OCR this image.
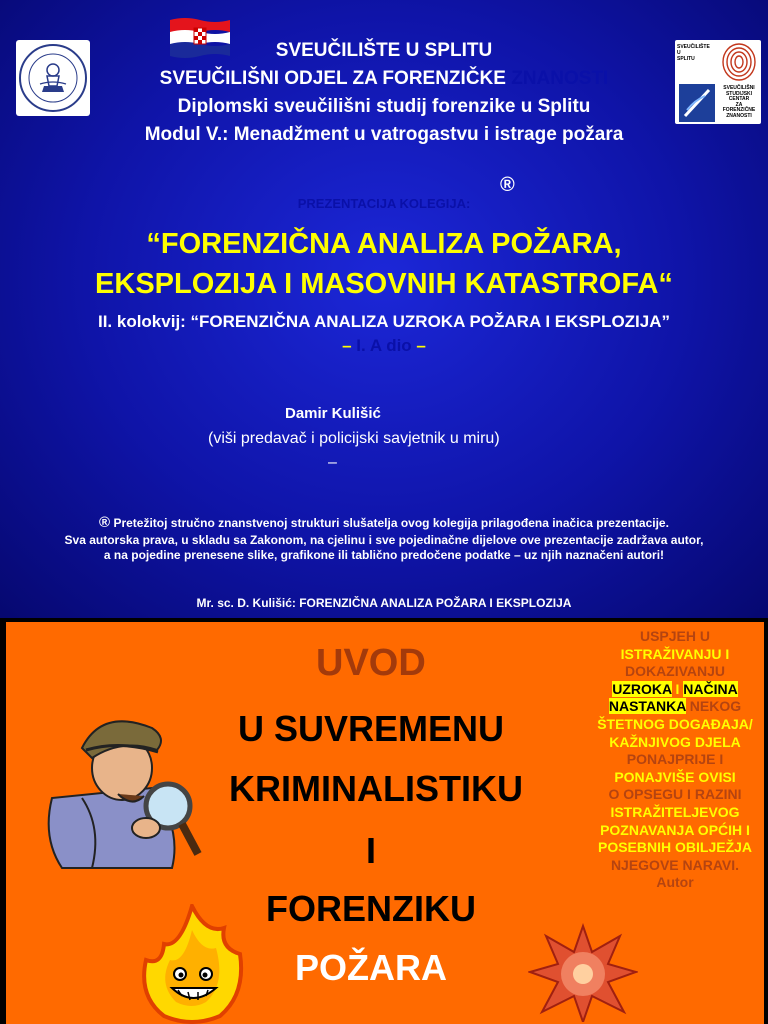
SVEUČILIŠTE
U
SPLITU
SVEUČILIŠNI
STUDIJSKI
CENTAR
ZA
FORENZIČNE
ZNANOSTI
SVEUČILIŠTE U SPLITU
SVEUČILIŠNI ODJEL ZA FORENZIČKE ZNANOSTI
Diplomski sveučilišni studij forenzike u Splitu
Modul V.: Menadžment u vatrogastvu i istrage požara
PREZENTACIJA KOLEGIJA:
®
“FORENZIČNA ANALIZA POŽARA,
EKSPLOZIJA I MASOVNIH KATASTROFA“
II. kolokvij: “FORENZIČNA ANALIZA UZROKA POŽARA I EKSPLOZIJA”
– I. A dio –
Damir Kulišić
(viši predavač i policijski savjetnik u miru)
–
® Pretežitoj stručno znanstvenoj strukturi slušatelja ovog kolegija prilagođena inačica prezentacije.
Sva autorska prava, u skladu sa Zakonom, na cjelinu i sve pojedinačne dijelove ove prezentacije zadržava autor,
a na pojedine prenesene slike, grafikone ili tablično predočene podatke – uz njih naznačeni autori!
Mr. sc. D. Kulišić: FORENZIČNA ANALIZA POŽARA I EKSPLOZIJA
UVOD
U SUVREMENU
KRIMINALISTIKU
I
FORENZIKU
POŽARA
USPJEH U
ISTRAŽIVANJU I
DOKAZIVANJU
UZROKA I NAČINA
NASTANKA NEKOG
ŠTETNOG DOGAĐAJA/
KAŽNJIVOG DJELA
PONAJPRIJE I
PONAJVIŠE OVISI
O OPSEGU I RAZINI
ISTRAŽITELJEVOG
POZNAVANJA OPĆIH I
POSEBNIH OBILJEŽJA
NJEGOVE NARAVI.
Autor
